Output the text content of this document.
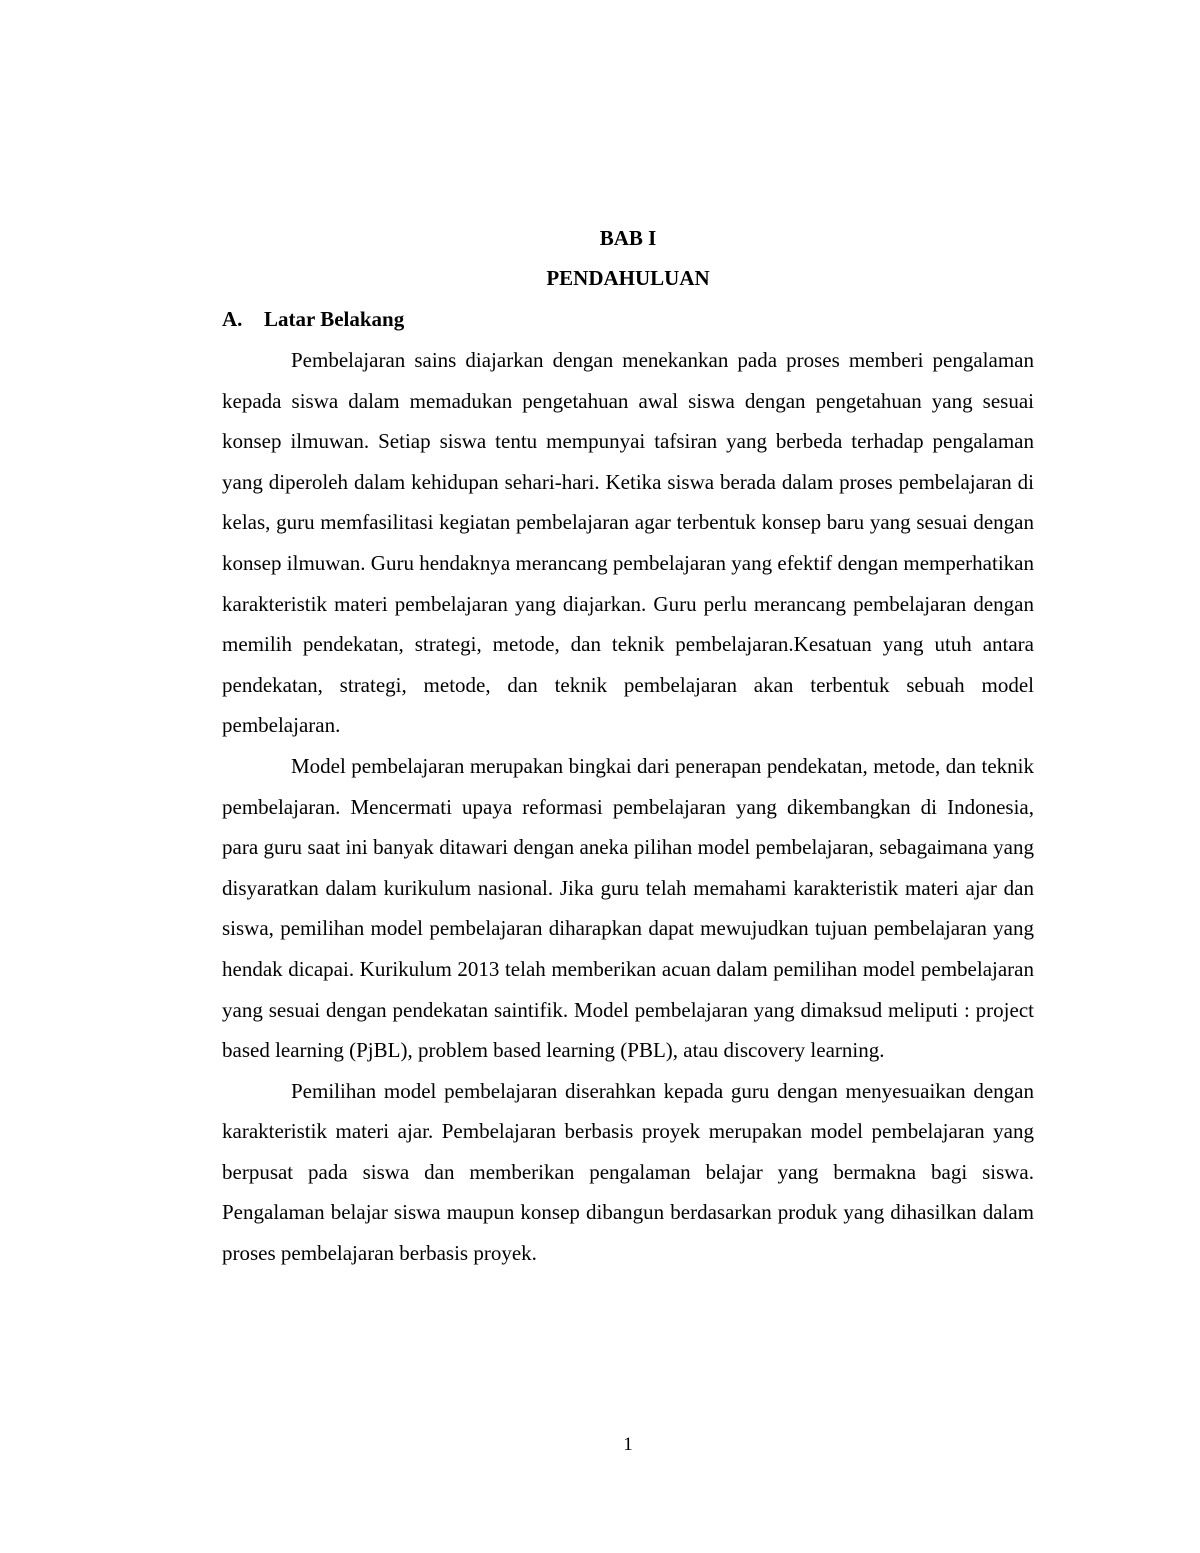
BAB I
PENDAHULUAN
A. Latar Belakang

Pembelajaran sains diajarkan dengan menekankan pada proses memberi pengalaman kepada siswa dalam memadukan pengetahuan awal siswa dengan pengetahuan yang sesuai konsep ilmuwan. Setiap siswa tentu mempunyai tafsiran yang berbeda terhadap pengalaman yang diperoleh dalam kehidupan sehari-hari. Ketika siswa berada dalam proses pembelajaran di kelas, guru memfasilitasi kegiatan pembelajaran agar terbentuk konsep baru yang sesuai dengan konsep ilmuwan. Guru hendaknya merancang pembelajaran yang efektif dengan memperhatikan karakteristik materi pembelajaran yang diajarkan. Guru perlu merancang pembelajaran dengan memilih pendekatan, strategi, metode, dan teknik pembelajaran.Kesatuan yang utuh antara pendekatan, strategi, metode, dan teknik pembelajaran akan terbentuk sebuah model pembelajaran.

Model pembelajaran merupakan bingkai dari penerapan pendekatan, metode, dan teknik pembelajaran. Mencermati upaya reformasi pembelajaran yang dikembangkan di Indonesia, para guru saat ini banyak ditawari dengan aneka pilihan model pembelajaran, sebagaimana yang disyaratkan dalam kurikulum nasional. Jika guru telah memahami karakteristik materi ajar dan siswa, pemilihan model pembelajaran diharapkan dapat mewujudkan tujuan pembelajaran yang hendak dicapai. Kurikulum 2013 telah memberikan acuan dalam pemilihan model pembelajaran yang sesuai dengan pendekatan saintifik. Model pembelajaran yang dimaksud meliputi : project based learning (PjBL), problem based learning (PBL), atau discovery learning.

Pemilihan model pembelajaran diserahkan kepada guru dengan menyesuaikan dengan karakteristik materi ajar. Pembelajaran berbasis proyek merupakan model pembelajaran yang berpusat pada siswa dan memberikan pengalaman belajar yang bermakna bagi siswa. Pengalaman belajar siswa maupun konsep dibangun berdasarkan produk yang dihasilkan dalam proses pembelajaran berbasis proyek.

1
